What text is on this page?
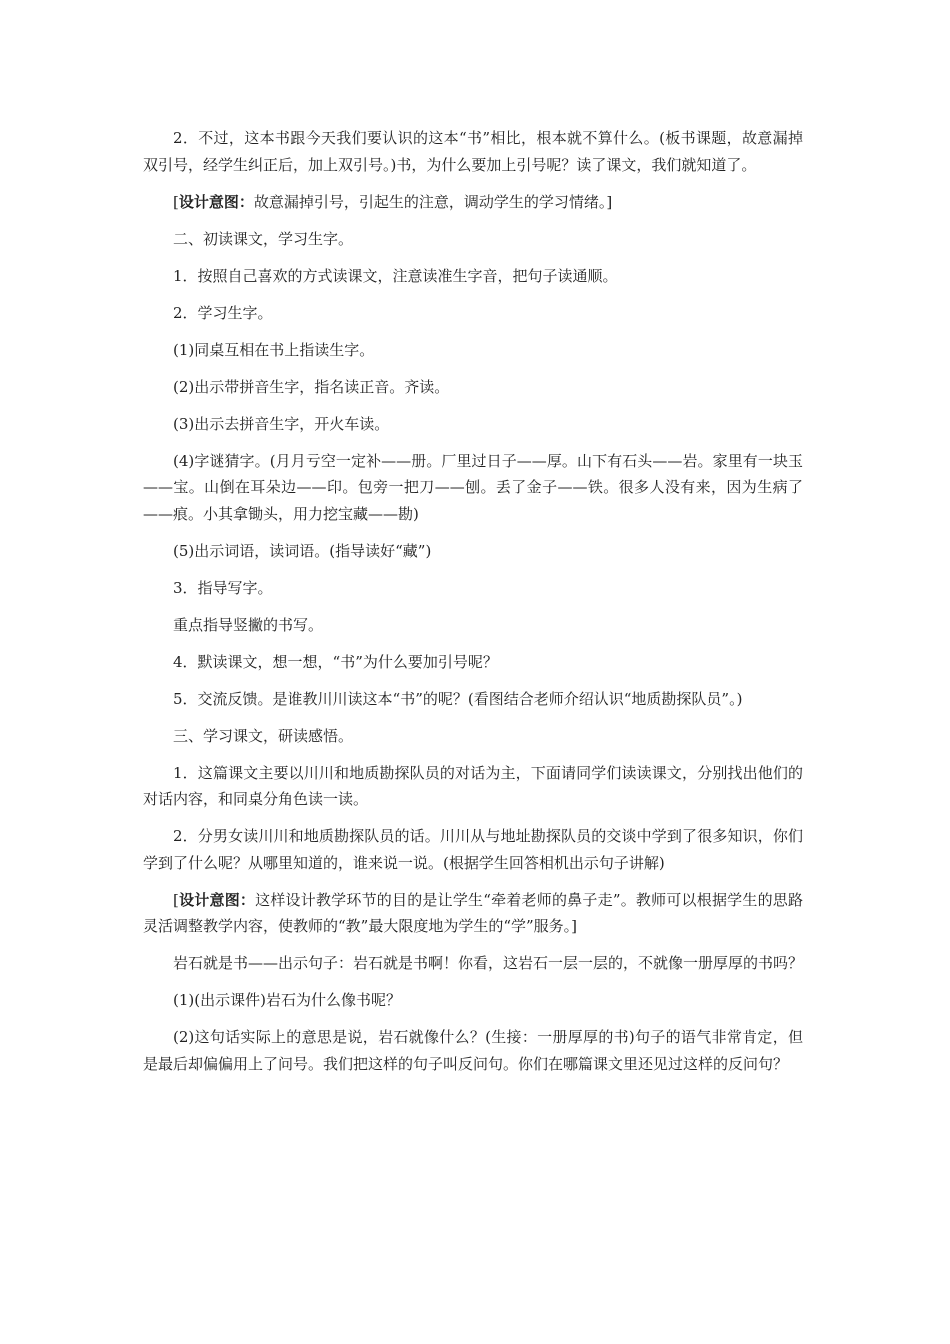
2．不过，这本书跟今天我们要认识的这本“书”相比，根本就不算什么。(板书课题，故意漏掉双引号，经学生纠正后，加上双引号。)书，为什么要加上引号呢？读了课文，我们就知道了。

[设计意图：故意漏掉引号，引起生的注意，调动学生的学习情绪。]

二、初读课文，学习生字。

1．按照自己喜欢的方式读课文，注意读准生字音，把句子读通顺。

2．学习生字。

(1)同桌互相在书上指读生字。

(2)出示带拼音生字，指名读正音。齐读。

(3)出示去拼音生字，开火车读。

(4)字谜猜字。(月月亏空一定补——册。厂里过日子——厚。山下有石头——岩。家里有一块玉——宝。山倒在耳朵边——印。包旁一把刀——刨。丢了金子——铁。很多人没有来，因为生病了——痕。小其拿锄头，用力挖宝藏——勘)

(5)出示词语，读词语。(指导读好“藏”)

3．指导写字。

重点指导竖撇的书写。

4．默读课文，想一想，“书”为什么要加引号呢？

5．交流反馈。是谁教川川读这本“书”的呢？(看图结合老师介绍认识“地质勘探队员”。)

三、学习课文，研读感悟。

1．这篇课文主要以川川和地质勘探队员的对话为主，下面请同学们读读课文，分别找出他们的对话内容，和同桌分角色读一读。

2．分男女读川川和地质勘探队员的话。川川从与地址勘探队员的交谈中学到了很多知识，你们学到了什么呢？从哪里知道的，谁来说一说。(根据学生回答相机出示句子讲解)

[设计意图：这样设计教学环节的目的是让学生“牵着老师的鼻子走”。教师可以根据学生的思路灵活调整教学内容，使教师的“教”最大限度地为学生的“学”服务。]

岩石就是书——出示句子：岩石就是书啊！你看，这岩石一层一层的，不就像一册厚厚的书吗？

(1)(出示课件)岩石为什么像书呢？

(2)这句话实际上的意思是说，岩石就像什么？(生接：一册厚厚的书)句子的语气非常肯定，但是最后却偏偏用上了问号。我们把这样的句子叫反问句。你们在哪篇课文里还见过这样的反问句？
